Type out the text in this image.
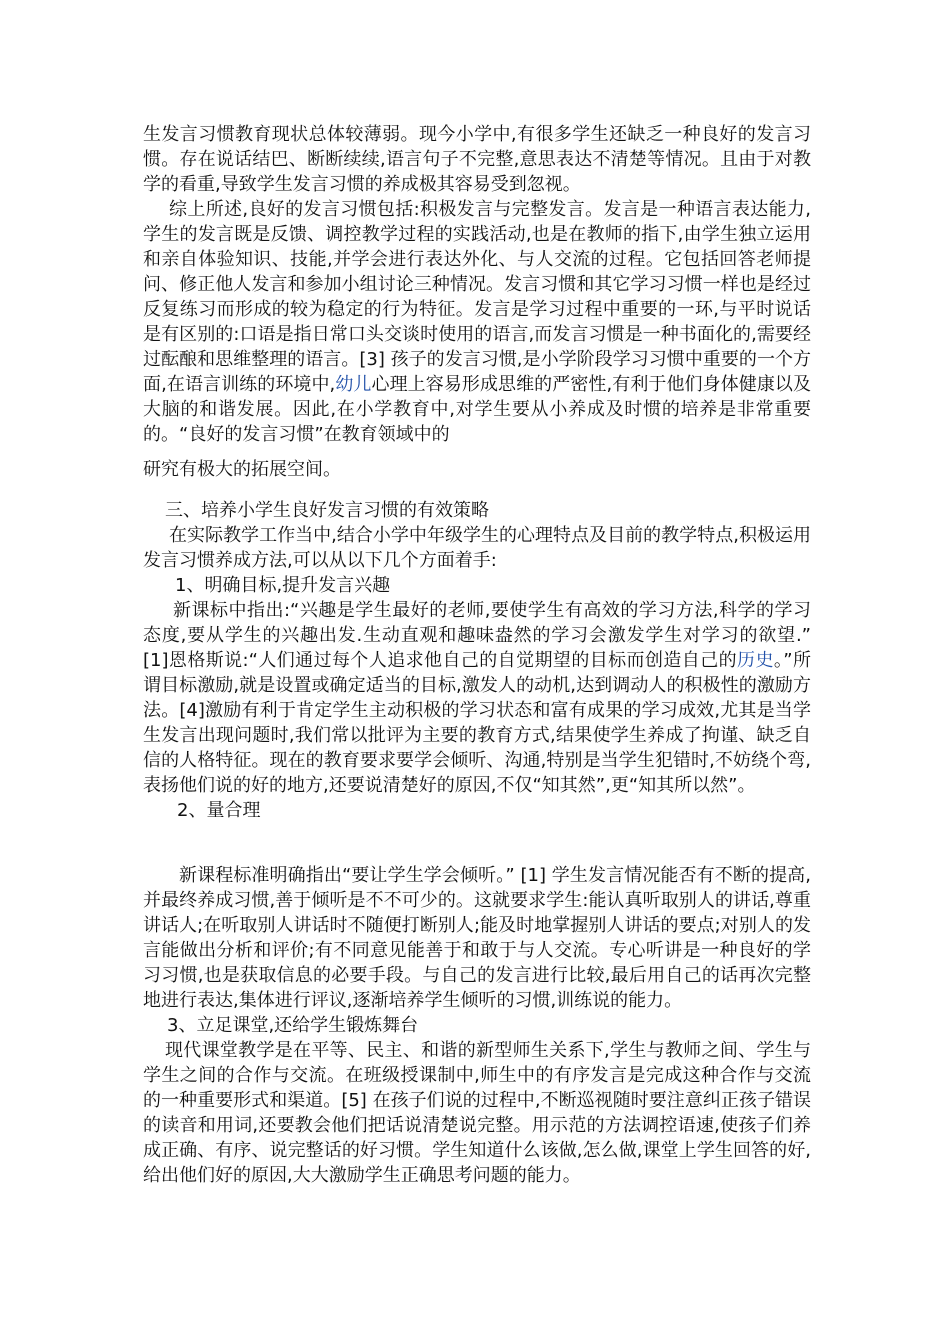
生发言习惯教育现状总体较薄弱。现今小学中,有很多学生还缺乏一种良好的发言习惯。存在说话结巴、断断续续,语言句子不完整,意思表达不清楚等情况。且由于对教学的看重,导致学生发言习惯的养成极其容易受到忽视。

综上所述,良好的发言习惯包括:积极发言与完整发言。发言是一种语言表达能力,学生的发言既是反馈、调控教学过程的实践活动,也是在教师的指下,由学生独立运用和亲自体验知识、技能,并学会进行表达外化、与人交流的过程。它包括回答老师提问、修正他人发言和参加小组讨论三种情况。发言习惯和其它学习习惯一样也是经过反复练习而形成的较为稳定的行为特征。发言是学习过程中重要的一环,与平时说话是有区别的:口语是指日常口头交谈时使用的语言,而发言习惯是一种书面化的,需要经过酝酿和思维整理的语言。[3] 孩子的发言习惯,是小学阶段学习习惯中重要的一个方面,在语言训练的环境中,幼儿心理上容易形成思维的严密性,有利于他们身体健康以及大脑的和谐发展。因此,在小学教育中,对学生要从小养成及时惯的培养是非常重要的。“良好的发言习惯”在教育领域中的

研究有极大的拓展空间。

三、培养小学生良好发言习惯的有效策略

在实际教学工作当中,结合小学中年级学生的心理特点及目前的教学特点,积极运用发言习惯养成方法,可以从以下几个方面着手:

1、明确目标,提升发言兴趣

新课标中指出:“兴趣是学生最好的老师,要使学生有高效的学习方法,科学的学习态度,要从学生的兴趣出发.生动直观和趣味盎然的学习会激发学生对学习的欲望.” [1]恩格斯说:“人们通过每个人追求他自己的自觉期望的目标而创造自己的历史。”所谓目标激励,就是设置或确定适当的目标,激发人的动机,达到调动人的积极性的激励方法。[4]激励有利于肯定学生主动积极的学习状态和富有成果的学习成效,尤其是当学生发言出现问题时,我们常以批评为主要的教育方式,结果使学生养成了拘谨、缺乏自信的人格特征。现在的教育要求要学会倾听、沟通,特别是当学生犯错时,不妨绕个弯,表扬他们说的好的地方,还要说清楚好的原因,不仅“知其然”,更“知其所以然”。

2、量合理

新课程标准明确指出“要让学生学会倾听。” [1] 学生发言情况能否有不断的提高,并最终养成习惯,善于倾听是不不可少的。这就要求学生:能认真听取别人的讲话,尊重讲话人;在听取别人讲话时不随便打断别人;能及时地掌握别人讲话的要点;对别人的发言能做出分析和评价;有不同意见能善于和敢于与人交流。专心听讲是一种良好的学习习惯,也是获取信息的必要手段。与自己的发言进行比较,最后用自己的话再次完整地进行表达,集体进行评议,逐渐培养学生倾听的习惯,训练说的能力。

3、立足课堂,还给学生锻炼舞台

现代课堂教学是在平等、民主、和谐的新型师生关系下,学生与教师之间、学生与学生之间的合作与交流。在班级授课制中,师生中的有序发言是完成这种合作与交流的一种重要形式和渠道。[5] 在孩子们说的过程中,不断巡视随时要注意纠正孩子错误的读音和用词,还要教会他们把话说清楚说完整。用示范的方法调控语速,使孩子们养成正确、有序、说完整话的好习惯。学生知道什么该做,怎么做,课堂上学生回答的好,给出他们好的原因,大大激励学生正确思考问题的能力。
